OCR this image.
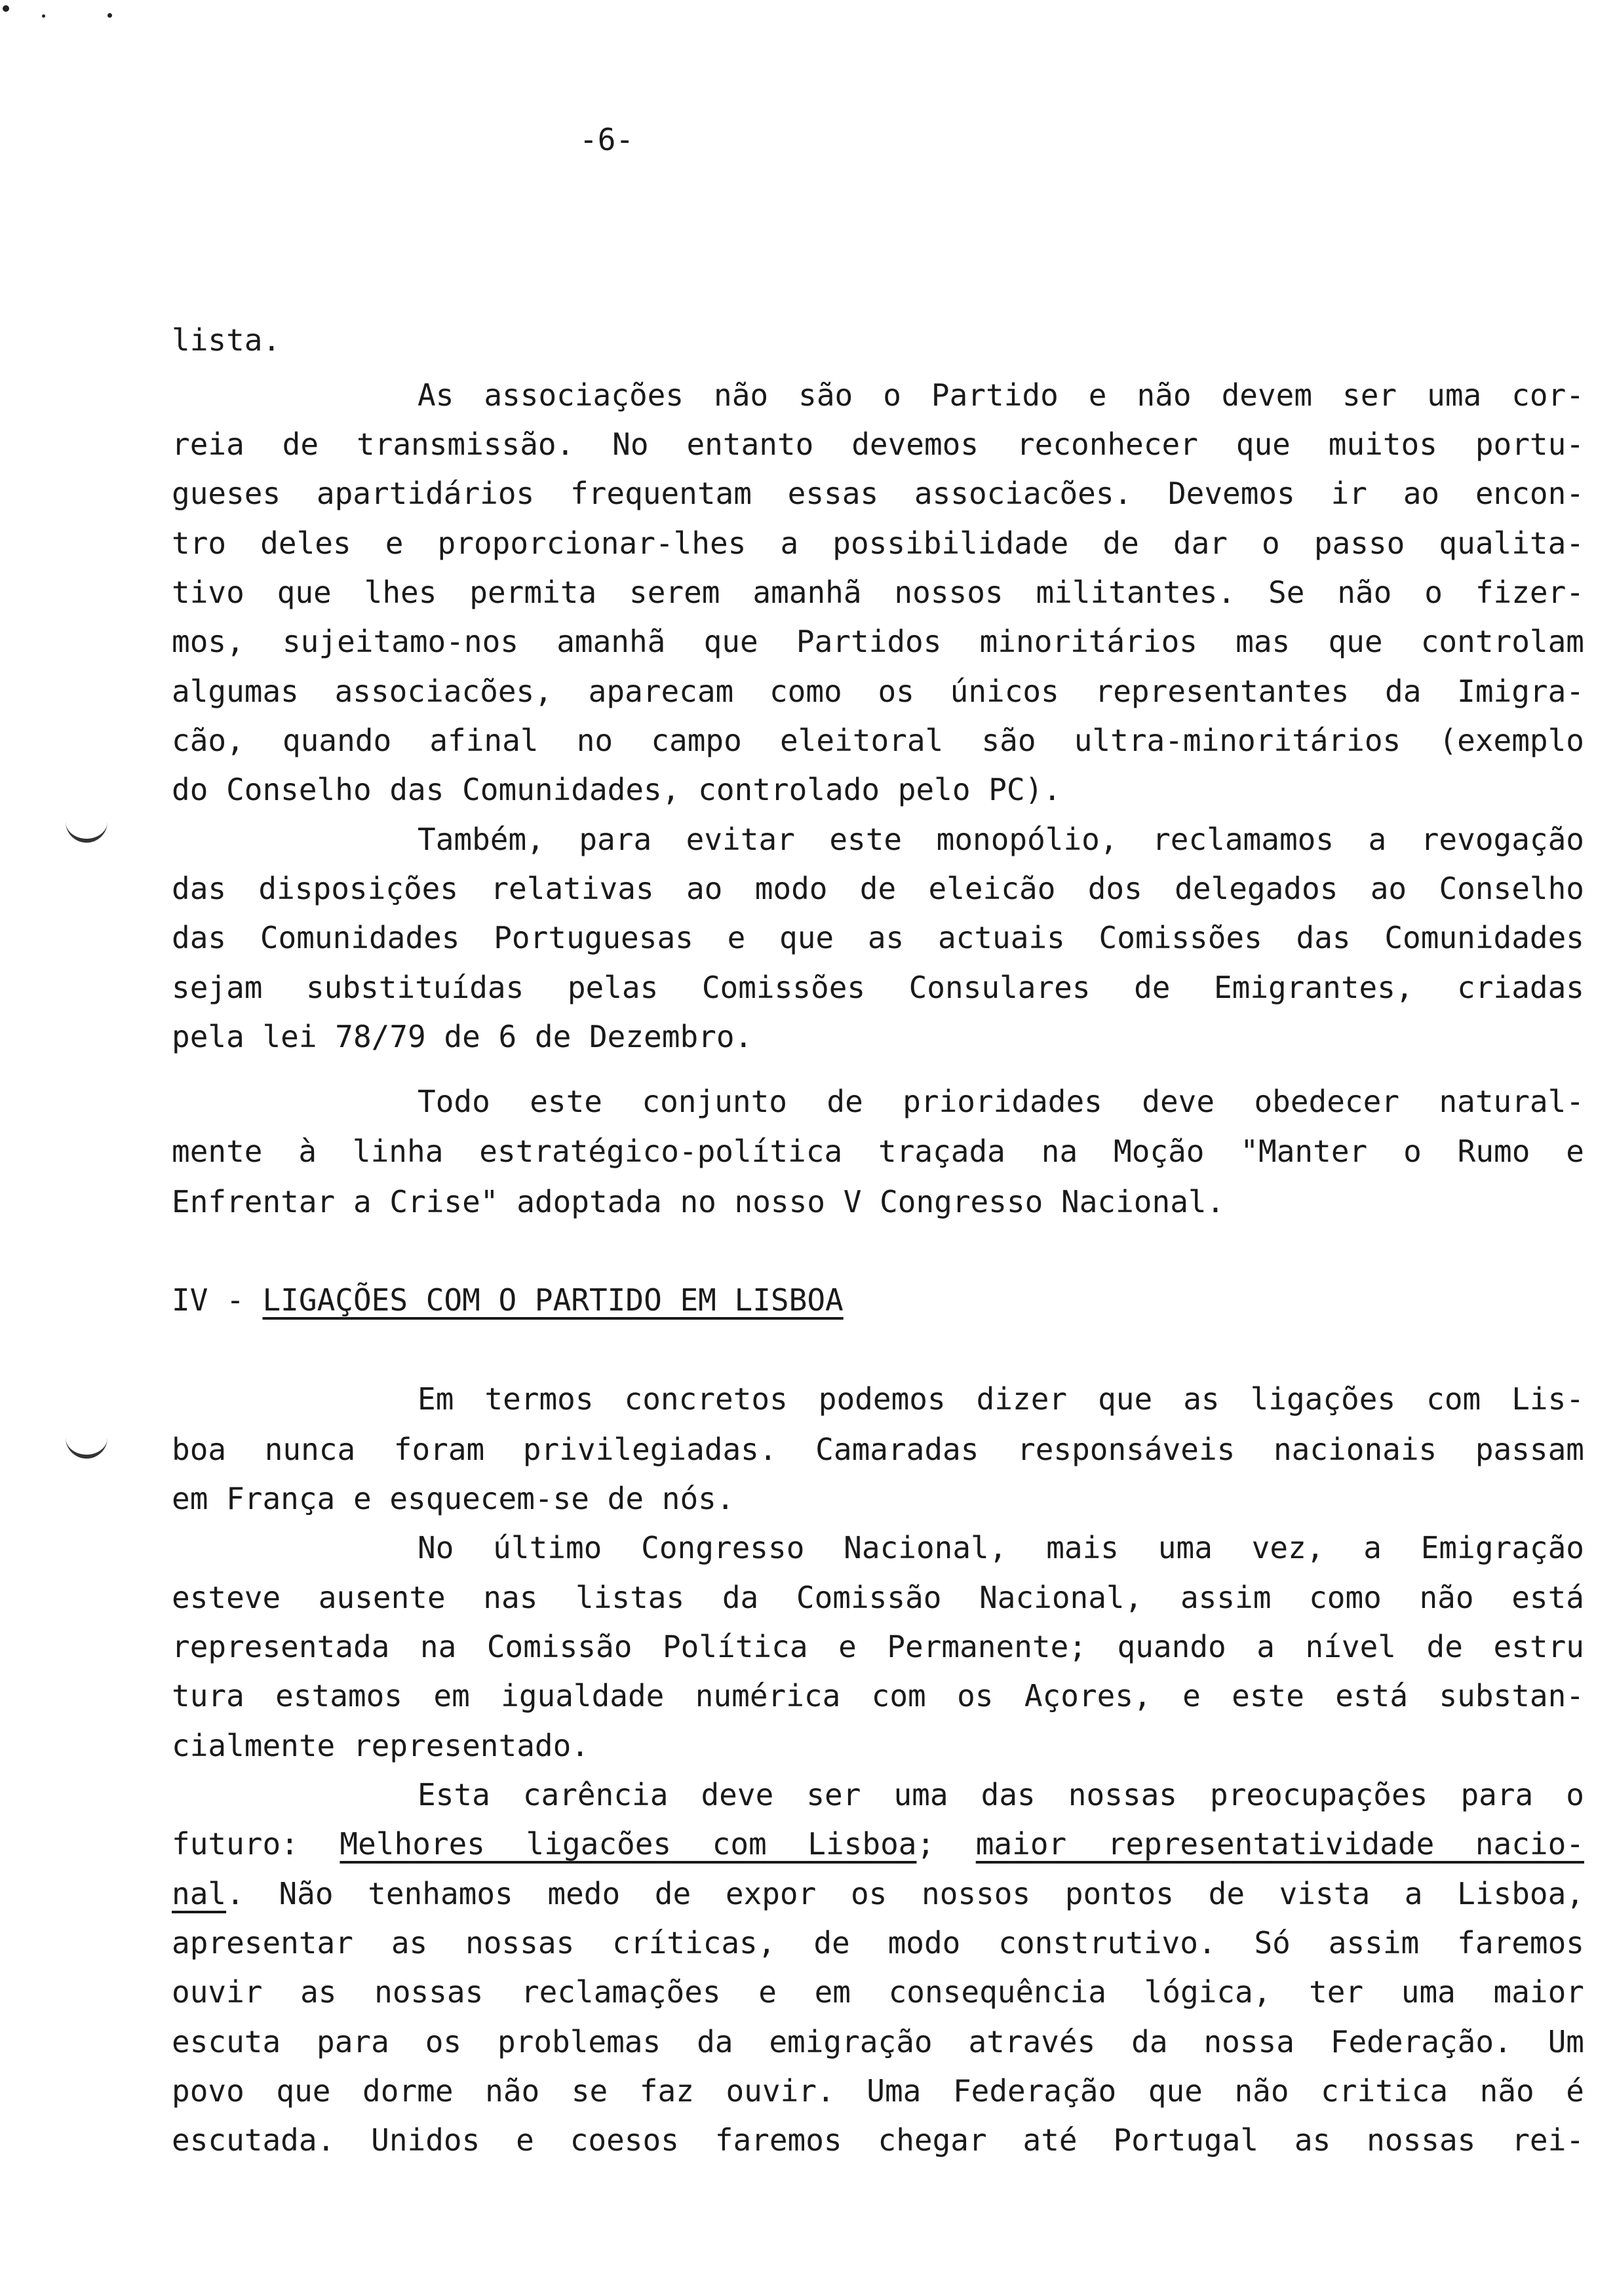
-6-
lista.
As associações não são o Partido e não devem ser uma cor-
reia de transmissão. No entanto devemos reconhecer que muitos portu-
gueses apartidários frequentam essas associacões. Devemos ir ao encon-
tro deles e proporcionar-lhes a possibilidade de dar o passo qualita-
tivo que lhes permita serem amanhã nossos militantes. Se não o fizer-
mos, sujeitamo-nos amanhã que Partidos minoritários mas que controlam
algumas associacões, aparecam como os únicos representantes da Imigra-
cão, quando afinal no campo eleitoral são ultra-minoritários (exemplo
do Conselho das Comunidades, controlado pelo PC).
Também, para evitar este monopólio, reclamamos a revogação
das disposições relativas ao modo de eleicão dos delegados ao Conselho
das Comunidades Portuguesas e que as actuais Comissões das Comunidades
sejam substituídas pelas Comissões Consulares de Emigrantes, criadas
pela lei 78/79 de 6 de Dezembro.
Todo este conjunto de prioridades deve obedecer natural-
mente à linha estratégico-política traçada na Moção "Manter o Rumo e
Enfrentar a Crise" adoptada no nosso V Congresso Nacional.
IV - LIGAÇÕES COM O PARTIDO EM LISBOA
Em termos concretos podemos dizer que as ligações com Lis-
boa nunca foram privilegiadas. Camaradas responsáveis nacionais passam
em França e esquecem-se de nós.
No último Congresso Nacional, mais uma vez, a Emigração
esteve ausente nas listas da Comissão Nacional, assim como não está
representada na Comissão Política e Permanente; quando a nível de estru
tura estamos em igualdade numérica com os Açores, e este está substan-
cialmente representado.
Esta carência deve ser uma das nossas preocupações para o
futuro: Melhores ligacões com Lisboa; maior representatividade nacio-
nal. Não tenhamos medo de expor os nossos pontos de vista a Lisboa,
apresentar as nossas críticas, de modo construtivo. Só assim faremos
ouvir as nossas reclamações e em consequência lógica, ter uma maior
escuta para os problemas da emigração através da nossa Federação. Um
povo que dorme não se faz ouvir. Uma Federação que não critica não é
escutada. Unidos e coesos faremos chegar até Portugal as nossas rei-
